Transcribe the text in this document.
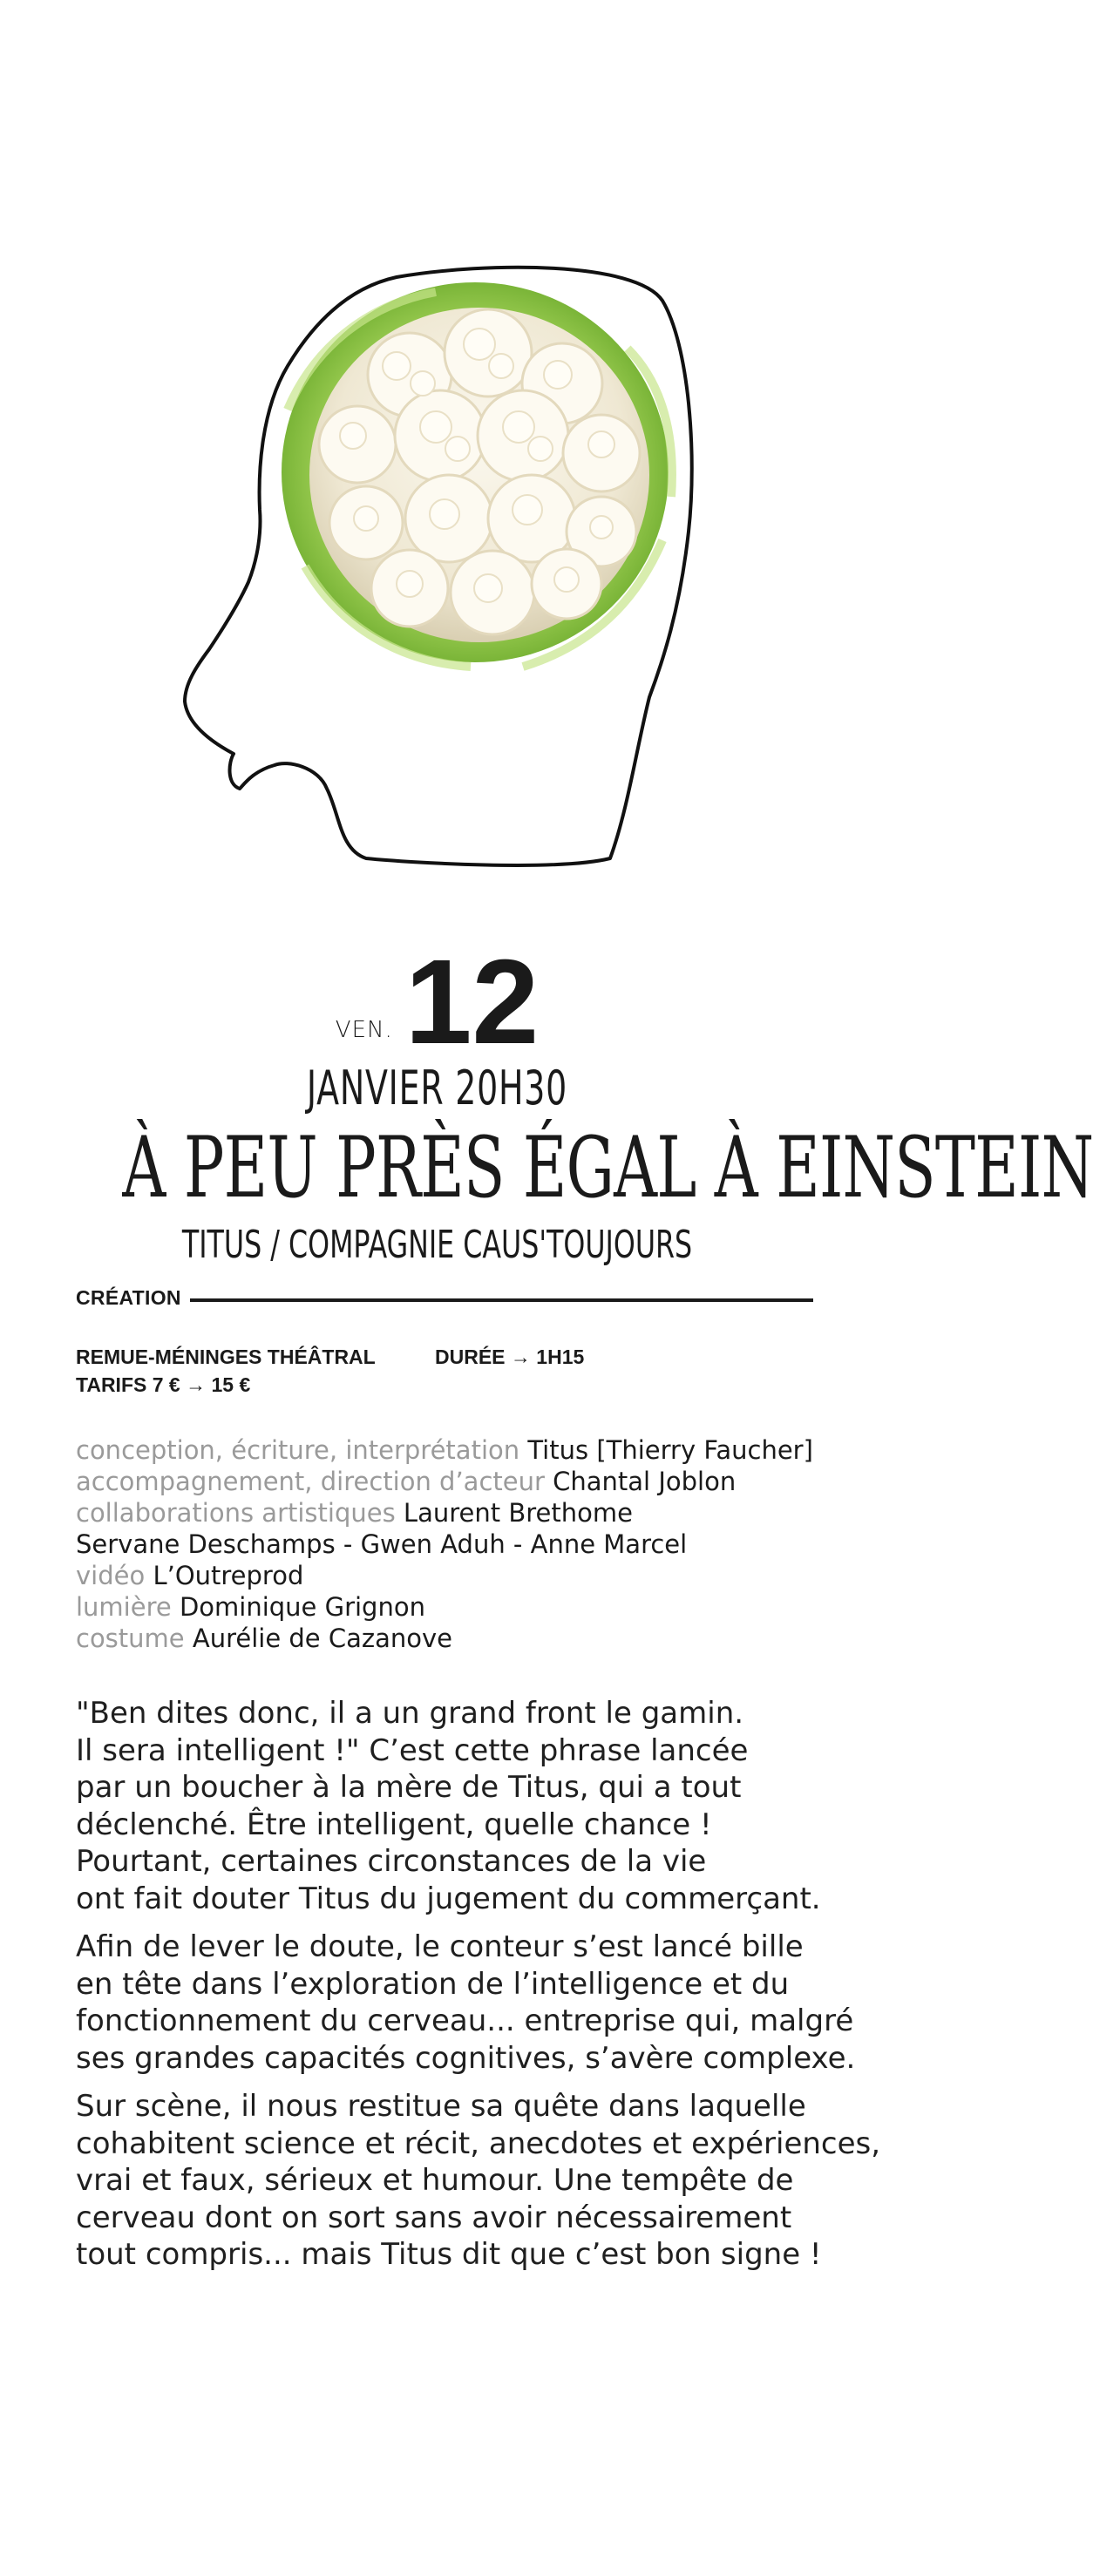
VEN. 12
JANVIER 20H30
À PEU PRÈS ÉGAL À EINSTEIN
TITUS / COMPAGNIE CAUS'TOUJOURS
CRÉATION
REMUE-MÉNINGES THÉÂTRAL	DURÉE → 1H15
TARIFS 7 € → 15 €
conception, écriture, interprétation Titus [Thierry Faucher]
accompagnement, direction d’acteur Chantal Joblon
collaborations artistiques Laurent Brethome
Servane Deschamps - Gwen Aduh - Anne Marcel
vidéo L’Outreprod
lumière Dominique Grignon
costume Aurélie de Cazanove

"Ben dites donc, il a un grand front le gamin.
Il sera intelligent !" C’est cette phrase lancée
par un boucher à la mère de Titus, qui a tout
déclenché. Être intelligent, quelle chance !
Pourtant, certaines circonstances de la vie
ont fait douter Titus du jugement du commerçant.

Afin de lever le doute, le conteur s’est lancé bille
en tête dans l’exploration de l’intelligence et du
fonctionnement du cerveau... entreprise qui, malgré
ses grandes capacités cognitives, s’avère complexe.

Sur scène, il nous restitue sa quête dans laquelle
cohabitent science et récit, anecdotes et expériences,
vrai et faux, sérieux et humour. Une tempête de
cerveau dont on sort sans avoir nécessairement
tout compris... mais Titus dit que c’est bon signe !
